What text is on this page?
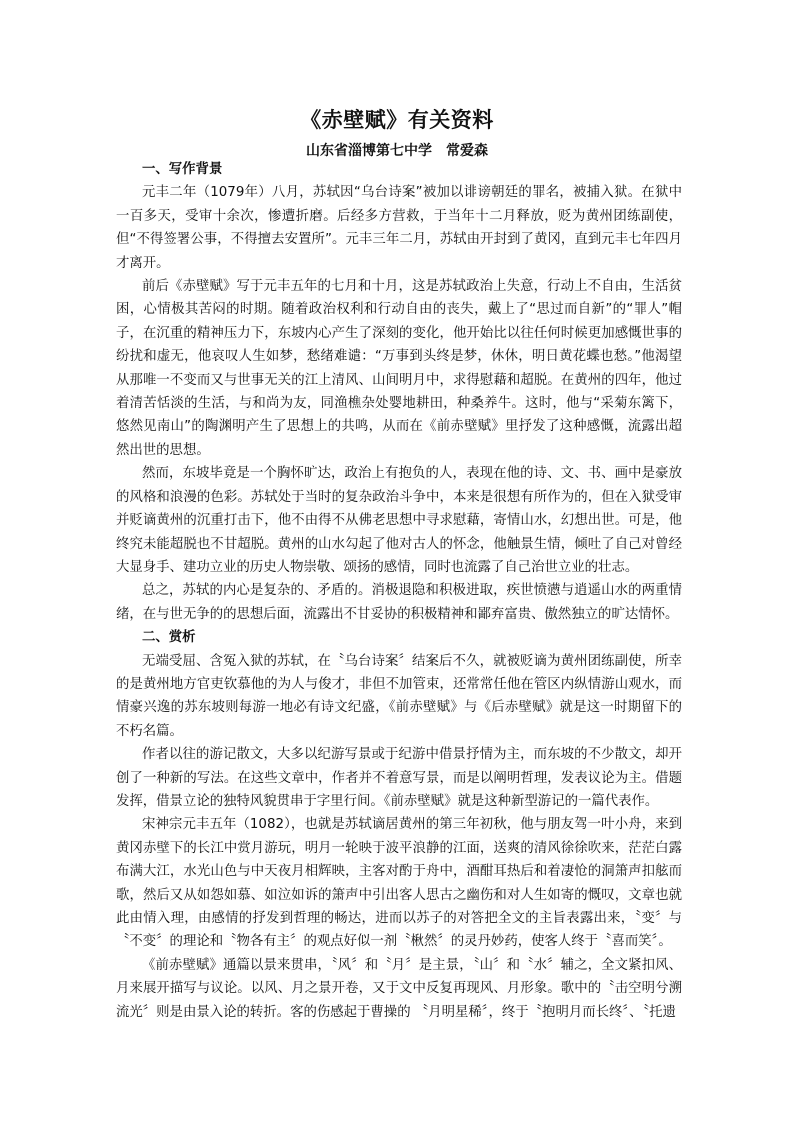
《赤壁赋》有关资料
山东省淄博第七中学　常爱森

一、写作背景

元丰二年（1079年）八月，苏轼因“乌台诗案”被加以诽谤朝廷的罪名，被捕入狱。在狱中一百多天，受审十余次，惨遭折磨。后经多方营救，于当年十二月释放，贬为黄州团练副使，但“不得签署公事，不得擅去安置所”。元丰三年二月，苏轼由开封到了黄冈，直到元丰七年四月才离开。

前后《赤壁赋》写于元丰五年的七月和十月，这是苏轼政治上失意，行动上不自由，生活贫困，心情极其苦闷的时期。随着政治权利和行动自由的丧失，戴上了“思过而自新”的“罪人”帽子，在沉重的精神压力下，东坡内心产生了深刻的变化，他开始比以往任何时候更加感慨世事的纷扰和虚无，他哀叹人生如梦，愁绪难谴：“万事到头终是梦，休休，明日黄花蝶也愁。”他渴望从那唯一不变而又与世事无关的江上清风、山间明月中，求得慰藉和超脱。在黄州的四年，他过着清苦恬淡的生活，与和尚为友，同渔樵杂处婴地耕田，种桑养牛。这时，他与“采菊东篱下，悠然见南山”的陶渊明产生了思想上的共鸣，从而在《前赤壁赋》里抒发了这种感慨，流露出超然出世的思想。

然而，东坡毕竟是一个胸怀旷达，政治上有抱负的人，表现在他的诗、文、书、画中是豪放的风格和浪漫的色彩。苏轼处于当时的复杂政治斗争中，本来是很想有所作为的，但在入狱受审并贬谪黄州的沉重打击下，他不由得不从佛老思想中寻求慰藉，寄情山水，幻想出世。可是，他终究未能超脱也不甘超脱。黄州的山水勾起了他对古人的怀念，他触景生情，倾吐了自己对曾经大显身手、建功立业的历史人物崇敬、颂扬的感情，同时也流露了自己治世立业的壮志。

总之，苏轼的内心是复杂的、矛盾的。消极退隐和积极进取，疾世愤懑与逍遥山水的两重情绪，在与世无争的的思想后面，流露出不甘妥协的积极精神和鄙弃富贵、傲然独立的旷达情怀。

二、赏析

无端受屈、含冤入狱的苏轼，在〝乌台诗案〞结案后不久，就被贬谪为黄州团练副使，所幸的是黄州地方官吏钦慕他的为人与俊才，非但不加管束，还常常任他在管区内纵情游山观水，而情豪兴逸的苏东坡则每游一地必有诗文纪盛，《前赤壁赋》与《后赤壁赋》就是这一时期留下的不朽名篇。

作者以往的游记散文，大多以纪游写景或于纪游中借景抒情为主，而东坡的不少散文，却开创了一种新的写法。在这些文章中，作者并不着意写景，而是以阐明哲理，发表议论为主。借题发挥，借景立论的独特风貌贯串于字里行间。《前赤壁赋》就是这种新型游记的一篇代表作。

宋神宗元丰五年（1082），也就是苏轼谪居黄州的第三年初秋，他与朋友驾一叶小舟，来到黄冈赤壁下的长江中赏月游玩，明月一轮映于波平浪静的江面，送爽的清风徐徐吹来，茫茫白露布满大江，水光山色与中天夜月相辉映，主客对酌于舟中，酒酣耳热后和着凄怆的洞箫声扣舷而歌，然后又从如怨如慕、如泣如诉的箫声中引出客人思古之幽伤和对人生如寄的慨叹，文章也就此由情入理，由感情的抒发到哲理的畅达，进而以苏子的对答把全文的主旨表露出来，〝变〞与〝不变〞的理论和〝物各有主〞的观点好似一剂〝楸然〞的灵丹妙药，使客人终于〝喜而笑〞。

《前赤壁赋》通篇以景来贯串，〝风〞和〝月〞是主景，〝山〞和〝水〞辅之，全文紧扣风、月来展开描写与议论。以风、月之景开卷，又于文中反复再现风、月形象。歌中的〝击空明兮溯流光〞则是由景入论的转折。客的伤感起于曹操的 〝月明星稀〞，终于〝抱明月而长终〞、〝托遗
